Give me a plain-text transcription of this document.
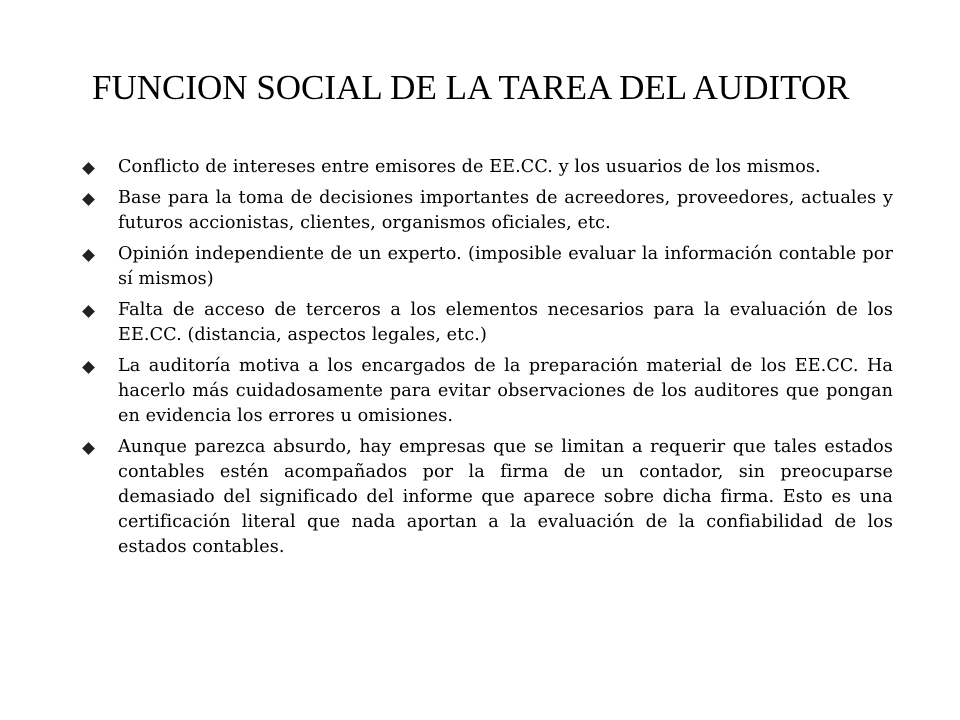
FUNCION SOCIAL DE LA TAREA DEL AUDITOR
Conflicto de intereses entre emisores de EE.CC. y los usuarios de los mismos.
Base para la toma de decisiones importantes de acreedores, proveedores, actuales y futuros accionistas, clientes, organismos oficiales, etc.
Opinión independiente de un experto. (imposible evaluar la información contable por sí mismos)
Falta de acceso de terceros a los elementos necesarios para la evaluación de los EE.CC. (distancia, aspectos legales, etc.)
La auditoría motiva a los encargados de la preparación material de los EE.CC. Ha hacerlo más cuidadosamente para evitar observaciones de los auditores que pongan en evidencia los errores u omisiones.
Aunque parezca absurdo, hay empresas que se limitan a requerir que tales estados contables estén acompañados por la firma de un contador, sin preocuparse demasiado del significado del informe que aparece sobre dicha firma. Esto es una certificación literal que nada aportan a la evaluación de la confiabilidad de los estados contables.
